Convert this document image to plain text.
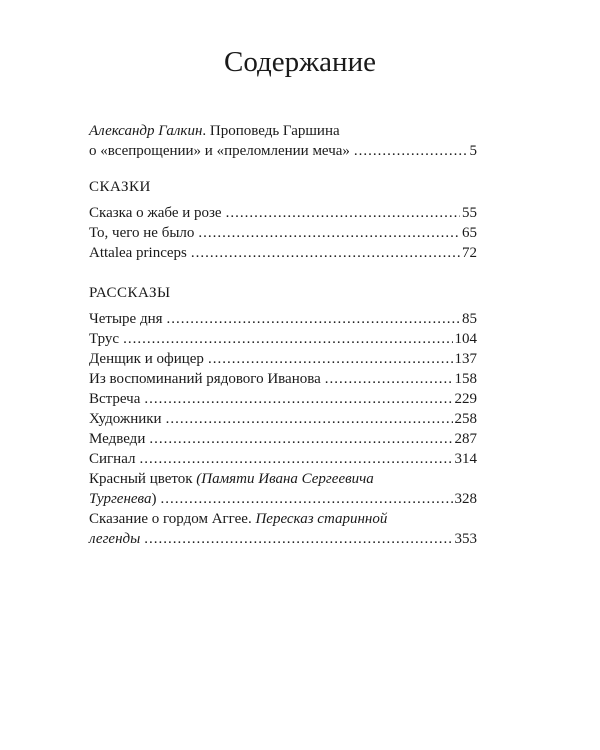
Содержание
Александр Галкин. Проповедь Гаршина
о «всепрощении» и «преломлении меча» .....	5
СКАЗКИ
Сказка о жабе и розе .....	55
То, чего не было .....	65
Attalea princeps .....	72
РАССКАЗЫ
Четыре дня .....	85
Трус .....	104
Денщик и офицер .....	137
Из воспоминаний рядового Иванова .....	158
Встреча .....	229
Художники .....	258
Медведи .....	287
Сигнал .....	314
Красный цветок (Памяти Ивана Сергеевича
Тургенева) .....	328
Сказание о гордом Аггее. Пересказ старинной
легенды .....	353
